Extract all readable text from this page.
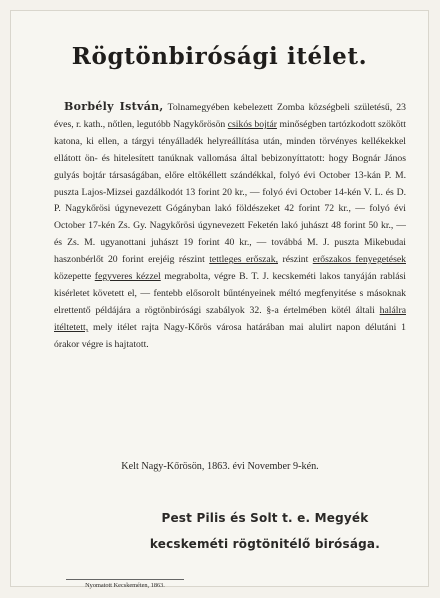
Rögtönbirósági itélet.
Borbély István, Tolnamegyében kebelezett Zomba községbeli születésű, 23 éves, r. kath., nőtlen, legutóbb Nagykőrösön csikós bojtár minőségben tartózkodott szökött katona, ki ellen, a tárgyi tényálladék helyreállítása után, minden törvényes kellékekkel ellátott ön- és hitelesített tanúknak vallomása által bebizonyíttatott: hogy Bognár János gulyás bojtár társaságában, előre eltökéllett szándékkal, folyó évi October 13-kán P. M. puszta Lajos-Mizsei gazdálkodót 13 forint 20 kr., — folyó évi October 14-kén V. L. és D. P. Nagykőrösi úgynevezett Gógányban lakó földészeket 42 forint 72 kr., — folyó évi October 17-kén Zs. Gy. Nagykőrösi úgynevezett Feketén lakó juhászt 48 forint 50 kr., — és Zs. M. ugyanottani juhászt 19 forint 40 kr., — továbbá M. J. puszta Mikebudai haszonbérlőt 20 forint erejéig részint tettleges erőszak, részint erőszakos fenyegetések közepette fegyveres kézzel megrabolta, végre B. T. J. kecskeméti lakos tanyáján rablási kisérletet követett el, — fentebb elősorolt bűntényeinek méltó megfenyitése s másoknak elrettentő példájára a rögtönbirósági szabályok 32. §-a értelmében kötél általi halálra itéltetett, mely itélet rajta Nagy-Kőrös városa határában mai alulirt napon délutáni 1 órakor végre is hajtatott.
Pest Pilis és Solt t. e. Megyék
kecskeméti rögtönitélő birósága.
Nyomatott Kecskeméten, 1863.
Kelt Nagy-Kőrösön, 1863. évi November 9-kén.
